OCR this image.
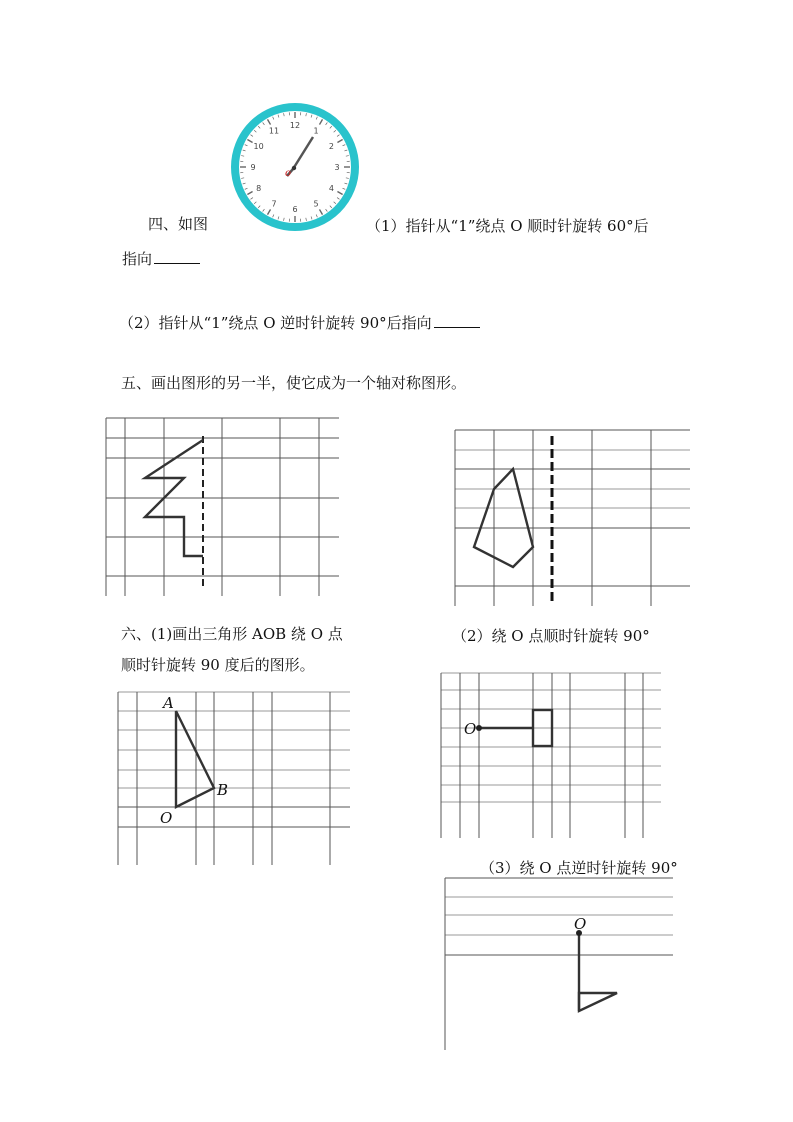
四、如图	（1）指针从“1”绕点 O 顺时针旋转 60°后
指向
（2）指针从“1”绕点 O 逆时针旋转 90°后指向
五、画出图形的另一半，使它成为一个轴对称图形。
六、(1)画出三角形 AOB 绕 O 点
顺时针旋转 90 度后的图形。
（2）绕 O 点顺时针旋转 90°
（3）绕 O 点逆时针旋转 90°
12
1
2
3
4
5
6
7
8
9
10
11
o
A
B
O
O
O
